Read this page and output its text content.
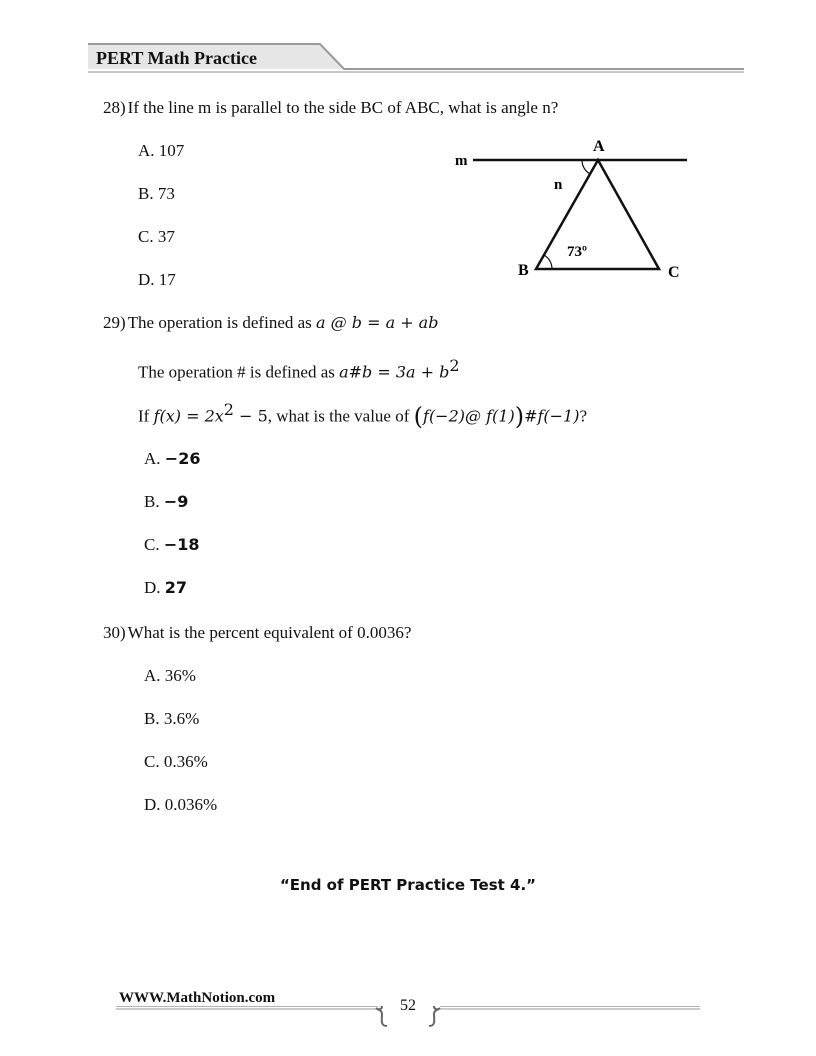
PERT Math Practice
28) If the line m is parallel to the side BC of ABC, what is angle n?
A. 107
B. 73
C. 37
D. 17
m
A
n
73º
B	C
29) The operation is defined as a @ b = a + ab
The operation # is defined as a#b = $3a + b^2$
If $f(x) = 2x^2 - 5$, what is the value of (f(−2)@ f(1))#f(−1)?
A. −26
B. −9
C. −18
D. 27
30) What is the percent equivalent of 0.0036?
A. 36%
B. 3.6%
C. 0.36%
D. 0.036%
“End of PERT Practice Test 4.”
WWW.MathNotion.com	52
